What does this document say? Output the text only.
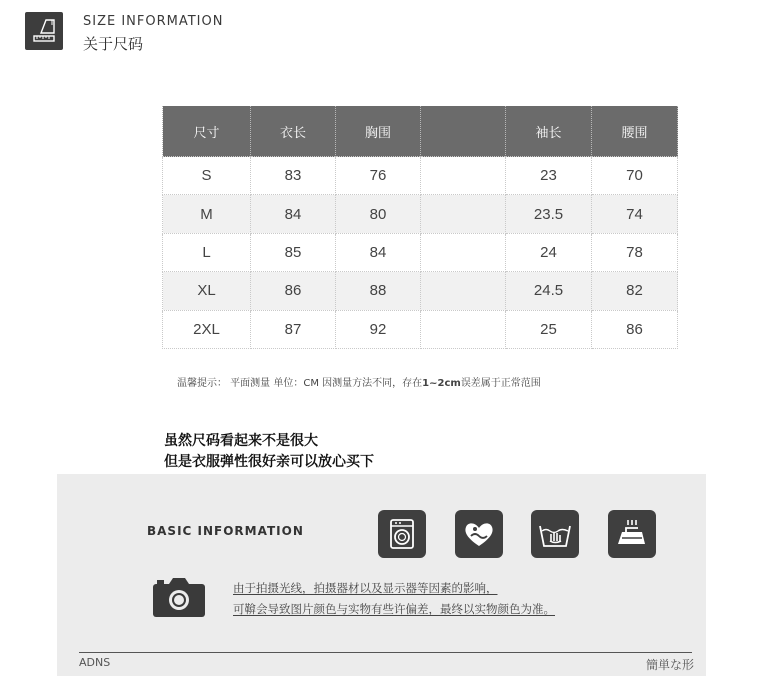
SIZE INFORMATION
关于尺码
尺寸	衣长	胸围		袖长	腰围
S	83	76		23	70
M	84	80		23.5	74
L	85	84		24	78
XL	86	88		24.5	82
2XL	87	92		25	86
温馨提示： 平面测量 单位：CM 因测量方法不同，存在1~2cm误差属于正常范围
虽然尺码看起来不是很大
但是衣服弹性很好亲可以放心买下
BASIC INFORMATION
由于拍摄光线，拍摄器材以及显示器等因素的影响，
可鞥会导致图片颜色与实物有些许偏差，最终以实物颜色为准。
ADNS	簡単な形
